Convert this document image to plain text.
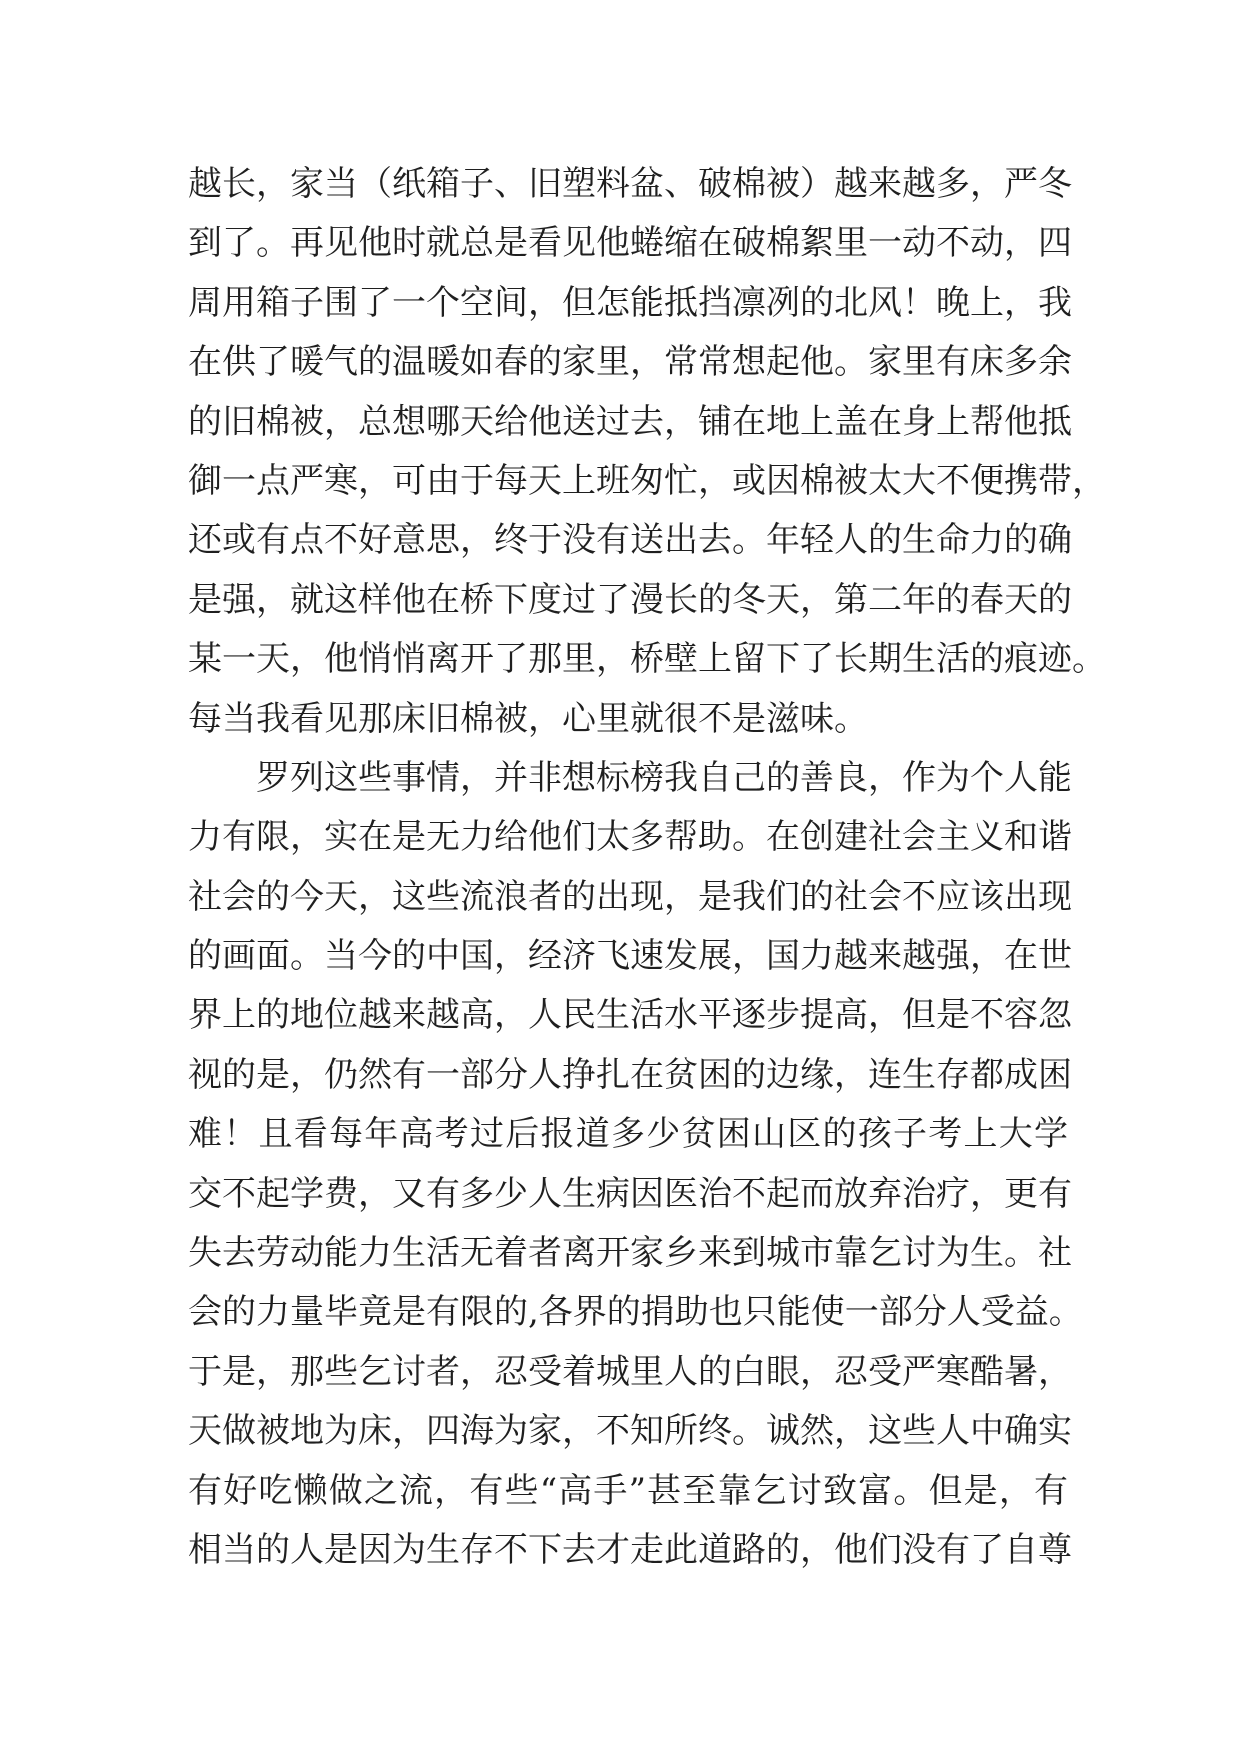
越长，家当（纸箱子、旧塑料盆、破棉被）越来越多，严冬
到了。再见他时就总是看见他蜷缩在破棉絮里一动不动，四
周用箱子围了一个空间，但怎能抵挡凛冽的北风！晚上，我
在供了暖气的温暖如春的家里，常常想起他。家里有床多余
的旧棉被，总想哪天给他送过去，铺在地上盖在身上帮他抵
御一点严寒，可由于每天上班匆忙，或因棉被太大不便携带，
还或有点不好意思，终于没有送出去。年轻人的生命力的确
是强，就这样他在桥下度过了漫长的冬天，第二年的春天的
某一天，他悄悄离开了那里，桥壁上留下了长期生活的痕迹。
每当我看见那床旧棉被，心里就很不是滋味。
罗列这些事情，并非想标榜我自己的善良，作为个人能
力有限，实在是无力给他们太多帮助。在创建社会主义和谐
社会的今天，这些流浪者的出现，是我们的社会不应该出现
的画面。当今的中国，经济飞速发展，国力越来越强，在世
界上的地位越来越高，人民生活水平逐步提高，但是不容忽
视的是，仍然有一部分人挣扎在贫困的边缘，连生存都成困
难！且看每年高考过后报道多少贫困山区的孩子考上大学
交不起学费，又有多少人生病因医治不起而放弃治疗，更有
失去劳动能力生活无着者离开家乡来到城市靠乞讨为生。社
会的力量毕竟是有限的,各界的捐助也只能使一部分人受益。
于是，那些乞讨者，忍受着城里人的白眼，忍受严寒酷暑，
天做被地为床，四海为家，不知所终。诚然，这些人中确实
有好吃懒做之流，有些“高手”甚至靠乞讨致富。但是，有
相当的人是因为生存不下去才走此道路的，他们没有了自尊
